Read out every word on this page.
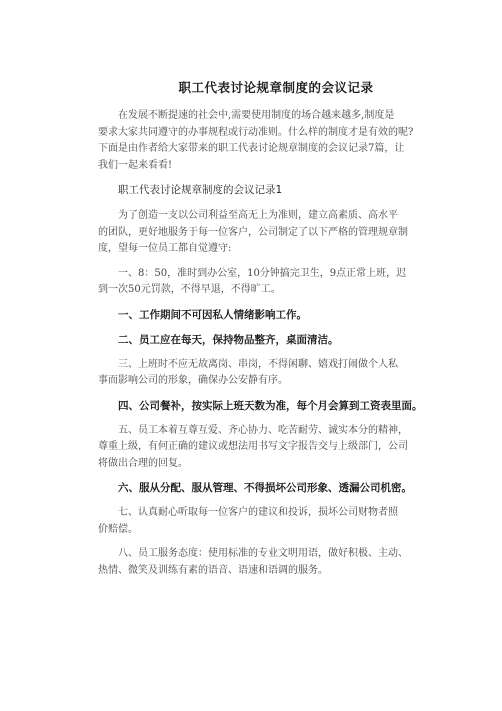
职工代表讨论规章制度的会议记录
在发展不断提速的社会中,需要使用制度的场合越来越多,制度是
要求大家共同遵守的办事规程或行动准则。什么样的制度才是有效的呢?
下面是由作者给大家带来的职工代表讨论规章制度的会议记录7篇，让
我们一起来看看!
职工代表讨论规章制度的会议记录1
为了创造一支以公司利益至高无上为准则，建立高素质、高水平
的团队，更好地服务于每一位客户，公司制定了以下严格的管理规章制
度，望每一位员工都自觉遵守:
一、8：50，准时到办公室，10分钟搞完卫生，9点正常上班，迟
到一次50元罚款，不得早退，不得旷工。
一、工作期间不可因私人情绪影响工作。
二、员工应在每天，保持物品整齐，桌面清洁。
三、上班时不应无故离岗、串岗，不得闲聊、嬉戏打闹做个人私
事而影响公司的形象，确保办公安静有序。
四、公司餐补，按实际上班天数为准，每个月会算到工资表里面。
五、员工本着互尊互爱、齐心协力、吃苦耐劳、诚实本分的精神，
尊重上级，有何正确的建议或想法用书写文字报告交与上级部门，公司
将做出合理的回复。
六、服从分配、服从管理、不得损坏公司形象、透漏公司机密。
七、认真耐心听取每一位客户的建议和投诉，损坏公司财物者照
价赔偿。
八、员工服务态度：使用标准的专业文明用语，做好积极、主动、
热情、微笑及训练有素的语音、语速和语调的服务。
